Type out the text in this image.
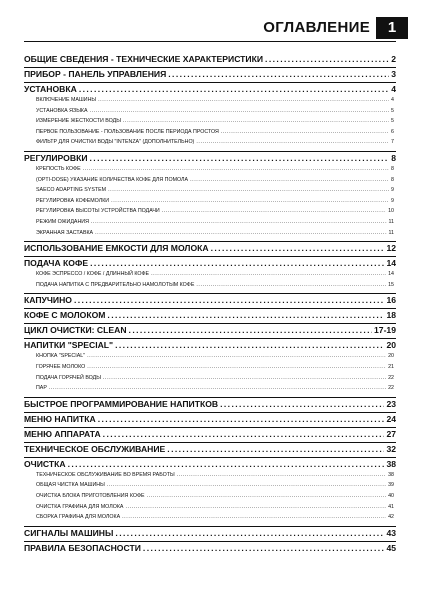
ОГЛАВЛЕНИЕ	1
ОБЩИЕ СВЕДЕНИЯ - ТЕХНИЧЕСКИЕ ХАРАКТЕРИСТИКИ .....	2
ПРИБОР - ПАНЕЛЬ УПРАВЛЕНИЯ .....	3
УСТАНОВКА .....	4
ВКЛЮЧЕНИЕ МАШИНЫ .....	4
УСТАНОВКА ЯЗЫКА .....	5
ИЗМЕРЕНИЕ ЖЕСТКОСТИ ВОДЫ .....	5
ПЕРВОЕ ПОЛЬЗОВАНИЕ - ПОЛЬЗОВАНИЕ ПОСЛЕ ПЕРИОДА ПРОСТОЯ .....	6
ФИЛЬТР ДЛЯ ОЧИСТКИ ВОДЫ "INTENZA" (ДОПОЛНИТЕЛЬНО) .....	7
РЕГУЛИРОВКИ .....	8
КРЕПОСТЬ КОФЕ .....	8
(OPTI-DOSE) УКАЗАНИЕ КОЛИЧЕСТВА КОФЕ ДЛЯ ПОМОЛА .....	8
SAECO ADAPTING SYSTEM .....	9
РЕГУЛИРОВКА КОФЕМОЛКИ .....	9
РЕГУЛИРОВКА ВЫСОТЫ УСТРОЙСТВА ПОДАЧИ .....	10
РЕЖИМ ОЖИДАНИЯ .....	11
ЭКРАННАЯ ЗАСТАВКА .....	11
ИСПОЛЬЗОВАНИЕ ЕМКОСТИ ДЛЯ МОЛОКА .....	12
ПОДАЧА КОФЕ .....	14
КОФЕ ЭСПРЕССО / КОФЕ / ДЛИННЫЙ КОФЕ .....	14
ПОДАЧА НАПИТКА С ПРЕДВАРИТЕЛЬНО НАМОЛОТЫМ КОФЕ .....	15
КАПУЧИНО .....	16
КОФЕ С МОЛОКОМ .....	18
ЦИКЛ ОЧИСТКИ: CLEAN .....	17-19
НАПИТКИ "SPECIAL" .....	20
КНОПКА "SPECIAL" .....	20
ГОРЯЧЕЕ МОЛОКО .....	21
ПОДАЧА ГОРЯЧЕЙ ВОДЫ .....	22
ПАР .....	22
БЫСТРОЕ ПРОГРАММИРОВАНИЕ НАПИТКОВ .....	23
МЕНЮ НАПИТКА .....	24
МЕНЮ АППАРАТА .....	27
ТЕХНИЧЕСКОЕ ОБСЛУЖИВАНИЕ .....	32
ОЧИСТКА .....	38
ТЕХНИЧЕСКОЕ ОБСЛУЖИВАНИЕ ВО ВРЕМЯ РАБОТЫ .....	38
ОБЩАЯ ЧИСТКА МАШИНЫ .....	39
ОЧИСТКА БЛОКА ПРИГОТОВЛЕНИЯ КОФЕ .....	40
ОЧИСТКА ГРАФИНА ДЛЯ МОЛОКА .....	41
СБОРКА ГРАФИНА ДЛЯ МОЛОКА .....	42
СИГНАЛЫ МАШИНЫ .....	43
ПРАВИЛА БЕЗОПАСНОСТИ .....	45
